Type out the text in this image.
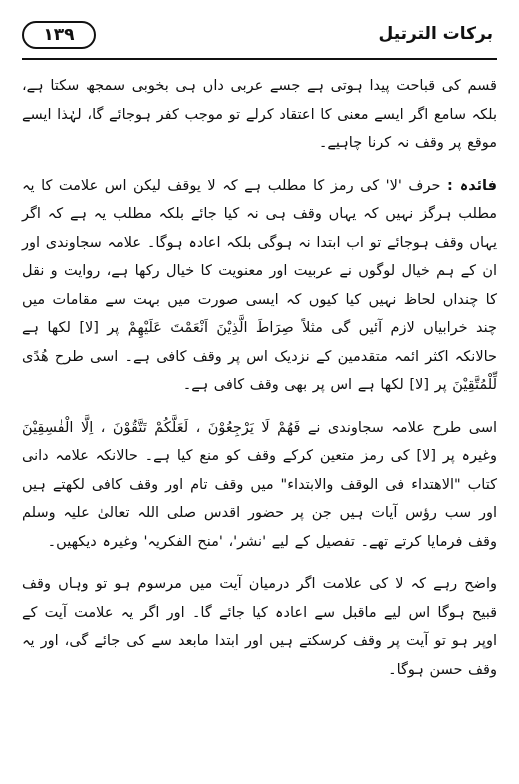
برکات الترتیل
۱۳۹

قسم کی قباحت پیدا ہوتی ہے جسے عربی داں ہی بخوبی سمجھ سکتا ہے، بلکہ سامع اگر ایسے معنی کا اعتقاد کرلے تو موجب کفر ہوجائے گا، لہٰذا ایسے موقع پر وقف نہ کرنا چاہیے۔

فائدہ : حرف 'لا' کی رمز کا مطلب ہے کہ لا یوقف لیکن اس علامت کا یہ مطلب ہرگز نہیں کہ یہاں وقف ہی نہ کیا جائے بلکہ مطلب یہ ہے کہ اگر یہاں وقف ہوجائے تو اب ابتدا نہ ہوگی بلکہ اعادہ ہوگا۔ علامہ سجاوندی اور ان کے ہم خیال لوگوں نے عربیت اور معنویت کا خیال رکھا ہے، روایت و نقل کا چنداں لحاظ نہیں کیا کیوں کہ ایسی صورت میں بہت سے مقامات میں چند خرابیاں لازم آئیں گی مثلاً صِرَاطَ الَّذِیْنَ اَنْعَمْتَ عَلَیْهِمْ پر [لا] لکھا ہے حالانکہ اکثر ائمہ متقدمین کے نزدیک اس پر وقف کافی ہے۔ اسی طرح ھُدًی لِّلْمُتَّقِیْنَ پر [لا] لکھا ہے اس پر بھی وقف کافی ہے۔

اسی طرح علامہ سجاوندی نے فَهُمْ لَا یَرْجِعُوْنَ ، لَعَلَّكُمْ تَتَّقُوْنَ ، اِلَّا الْفٰسِقِیْنَ وغیرہ پر [لا] کی رمز متعین کرکے وقف کو منع کیا ہے۔ حالانکہ علامہ دانی کتاب "الاهتداء فی الوقف والابتداء" میں وقف تام اور وقف کافی لکھتے ہیں اور سب رؤس آیات ہیں جن پر حضور اقدس صلی اللہ تعالیٰ علیہ وسلم وقف فرمایا کرتے تھے۔ تفصیل کے لیے 'نشر'، 'منح الفکریہ' وغیرہ دیکھیں۔

واضح رہے کہ لا کی علامت اگر درمیان آیت میں مرسوم ہو تو وہاں وقف قبیح ہوگا اس لیے ماقبل سے اعادہ کیا جائے گا۔ اور اگر یہ علامت آیت کے اوپر ہو تو آیت پر وقف کرسکتے ہیں اور ابتدا مابعد سے کی جائے گی، اور یہ وقف حسن ہوگا۔
